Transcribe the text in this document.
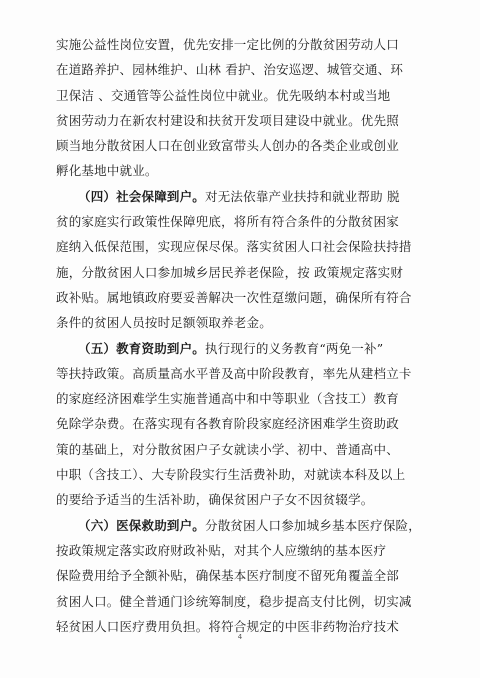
实施公益性岗位安置，优先安排一定比例的分散贫困劳动人口
在道路养护、园林维护、山林 看护、治安巡逻、城管交通、环
卫保洁 、交通管等公益性岗位中就业。优先吸纳本村或当地
贫困劳动力在新农村建设和扶贫开发项目建设中就业。优先照
顾当地分散贫困人口在创业致富带头人创办的各类企业或创业
孵化基地中就业。
（四）社会保障到户。对无法依靠产业扶持和就业帮助 脱
贫的家庭实行政策性保障兜底，将所有符合条件的分散贫困家
庭纳入低保范围，实现应保尽保。落实贫困人口社会保险扶持措
施，分散贫困人口参加城乡居民养老保险，按 政策规定落实财
政补贴。属地镇政府要妥善解决一次性趸缴问题，确保所有符合
条件的贫困人员按时足额领取养老金。
（五）教育资助到户。执行现行的义务教育“两免一补”
等扶持政策。高质量高水平普及高中阶段教育，率先从建档立卡
的家庭经济困难学生实施普通高中和中等职业（含技工）教育
免除学杂费。在落实现有各教育阶段家庭经济困难学生资助政
策的基础上，对分散贫困户子女就读小学、初中、普通高中、
中职（含技工）、大专阶段实行生活费补助，对就读本科及以上
的要给予适当的生活补助，确保贫困户子女不因贫辍学。
（六）医保救助到户。分散贫困人口参加城乡基本医疗保险，
按政策规定落实政府财政补贴，对其个人应缴纳的基本医疗
保险费用给予全额补贴，确保基本医疗制度不留死角覆盖全部
贫困人口。健全普通门诊统筹制度，稳步提高支付比例，切实减
轻贫困人口医疗费用负担。将符合规定的中医非药物治疗技术
4
